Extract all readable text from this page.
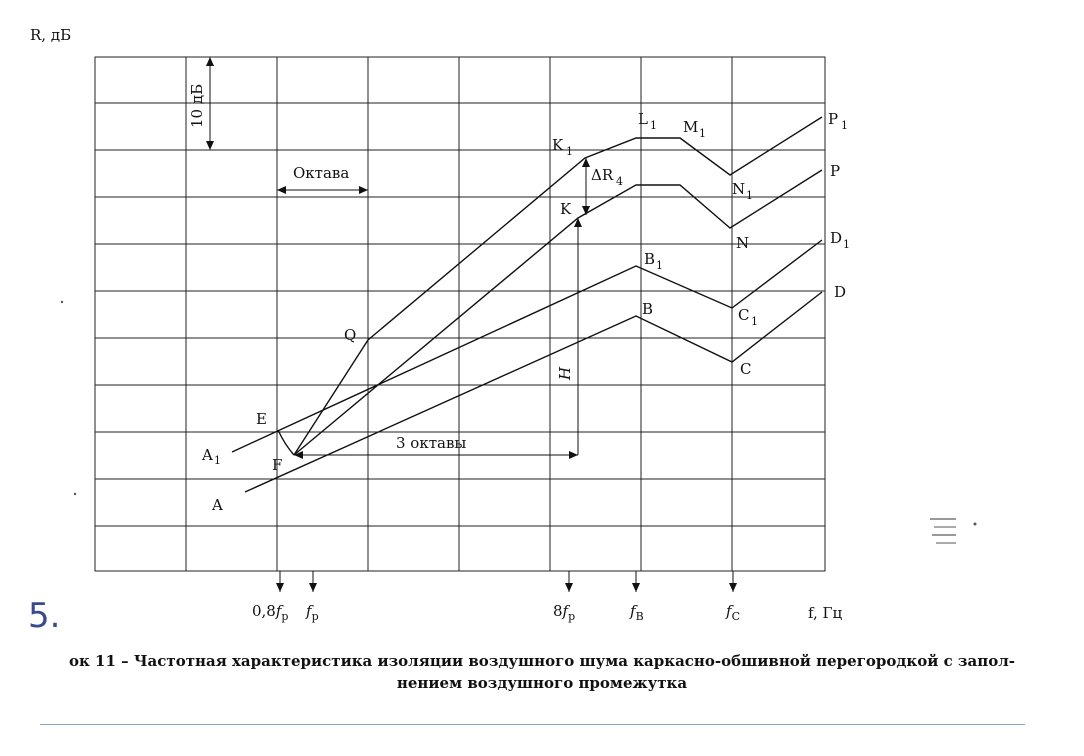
R, дБ
f, Гц
10 дБ
Октава
3 октавы
H
ΔR 4
A
A 1
E
F
Q
K
K 1
L 1 M 1
N 1
N
P 1
P
B 1
B	C 1
C
D 1
D
$0,8f_р$ $f_р$	$8f_р$	$f_В$	$f_С$
5.
ок 11 – Частотная характеристика изоляции воздушного шума каркасно-обшивной перегородкой с запол-
нением воздушного промежутка
